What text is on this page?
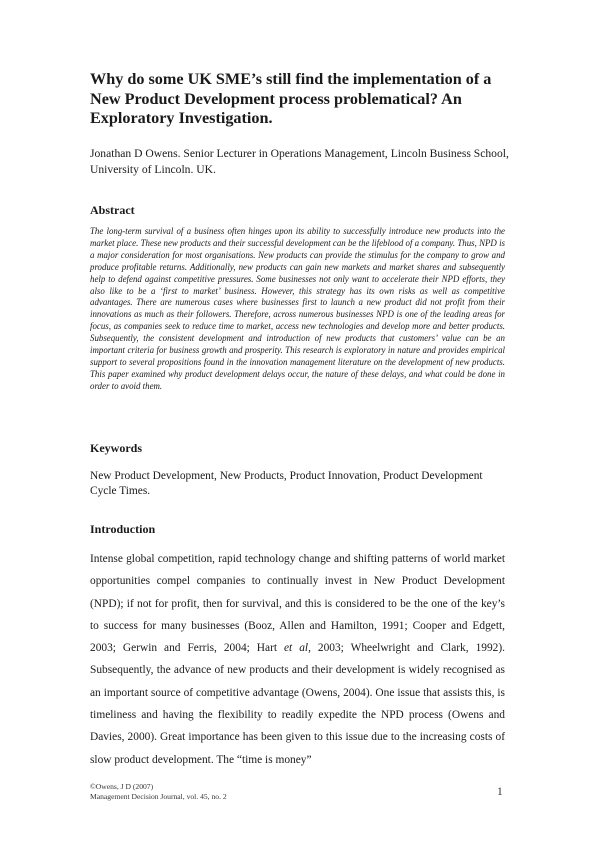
Why do some UK SME’s still find the implementation of a New Product Development process problematical? An Exploratory Investigation.
Jonathan D Owens. Senior Lecturer in Operations Management, Lincoln Business School, University of Lincoln. UK.
Abstract
The long-term survival of a business often hinges upon its ability to successfully introduce new products into the market place. These new products and their successful development can be the lifeblood of a company. Thus, NPD is a major consideration for most organisations. New products can provide the stimulus for the company to grow and produce profitable returns. Additionally, new products can gain new markets and market shares and subsequently help to defend against competitive pressures. Some businesses not only want to accelerate their NPD efforts, they also like to be a ‘first to market’ business. However, this strategy has its own risks as well as competitive advantages. There are numerous cases where businesses first to launch a new product did not profit from their innovations as much as their followers. Therefore, across numerous businesses NPD is one of the leading areas for focus, as companies seek to reduce time to market, access new technologies and develop more and better products. Subsequently, the consistent development and introduction of new products that customers’ value can be an important criteria for business growth and prosperity. This research is exploratory in nature and provides empirical support to several propositions found in the innovation management literature on the development of new products. This paper examined why product development delays occur, the nature of these delays, and what could be done in order to avoid them.
Keywords
New Product Development, New Products, Product Innovation, Product Development Cycle Times.
Introduction
Intense global competition, rapid technology change and shifting patterns of world market opportunities compel companies to continually invest in New Product Development (NPD); if not for profit, then for survival, and this is considered to be the one of the key’s to success for many businesses (Booz, Allen and Hamilton, 1991; Cooper and Edgett, 2003; Gerwin and Ferris, 2004; Hart et al, 2003; Wheelwright and Clark, 1992). Subsequently, the advance of new products and their development is widely recognised as an important source of competitive advantage (Owens, 2004). One issue that assists this, is timeliness and having the flexibility to readily expedite the NPD process (Owens and Davies, 2000). Great importance has been given to this issue due to the increasing costs of slow product development. The “time is money”
©Owens, J D (2007)
Management Decision Journal, vol. 45, no. 2	1
